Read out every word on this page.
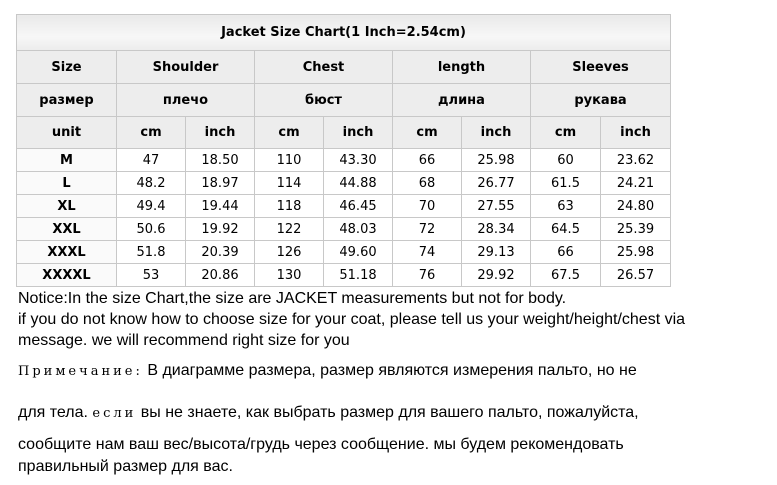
Jacket Size Chart(1 Inch=2.54cm)								
Size	Shoulder		Chest		length		Sleeves	
размер	плечо		бюст		длина		рукава	
unit	cm	inch	cm	inch	cm	inch	cm	inch
M	47	18.50	110	43.30	66	25.98	60	23.62
L	48.2	18.97	114	44.88	68	26.77	61.5	24.21
XL	49.4	19.44	118	46.45	70	27.55	63	24.80
XXL	50.6	19.92	122	48.03	72	28.34	64.5	25.39
XXXL	51.8	20.39	126	49.60	74	29.13	66	25.98
XXXXL	53	20.86	130	51.18	76	29.92	67.5	26.57

Notice:In the size Chart,the size are JACKET measurements but not for body.

if you do not know how to choose size for your coat, please tell us your weight/height/chest via

message. we will recommend right size for you

Примечание: В диаграмме размера, размер являются измерения пальто, но не
для тела. если вы не знаете, как выбрать размер для вашего пальто, пожалуйста,
сообщите нам ваш вес/высота/грудь через сообщение. мы будем рекомендовать
правильный размер для вас.
